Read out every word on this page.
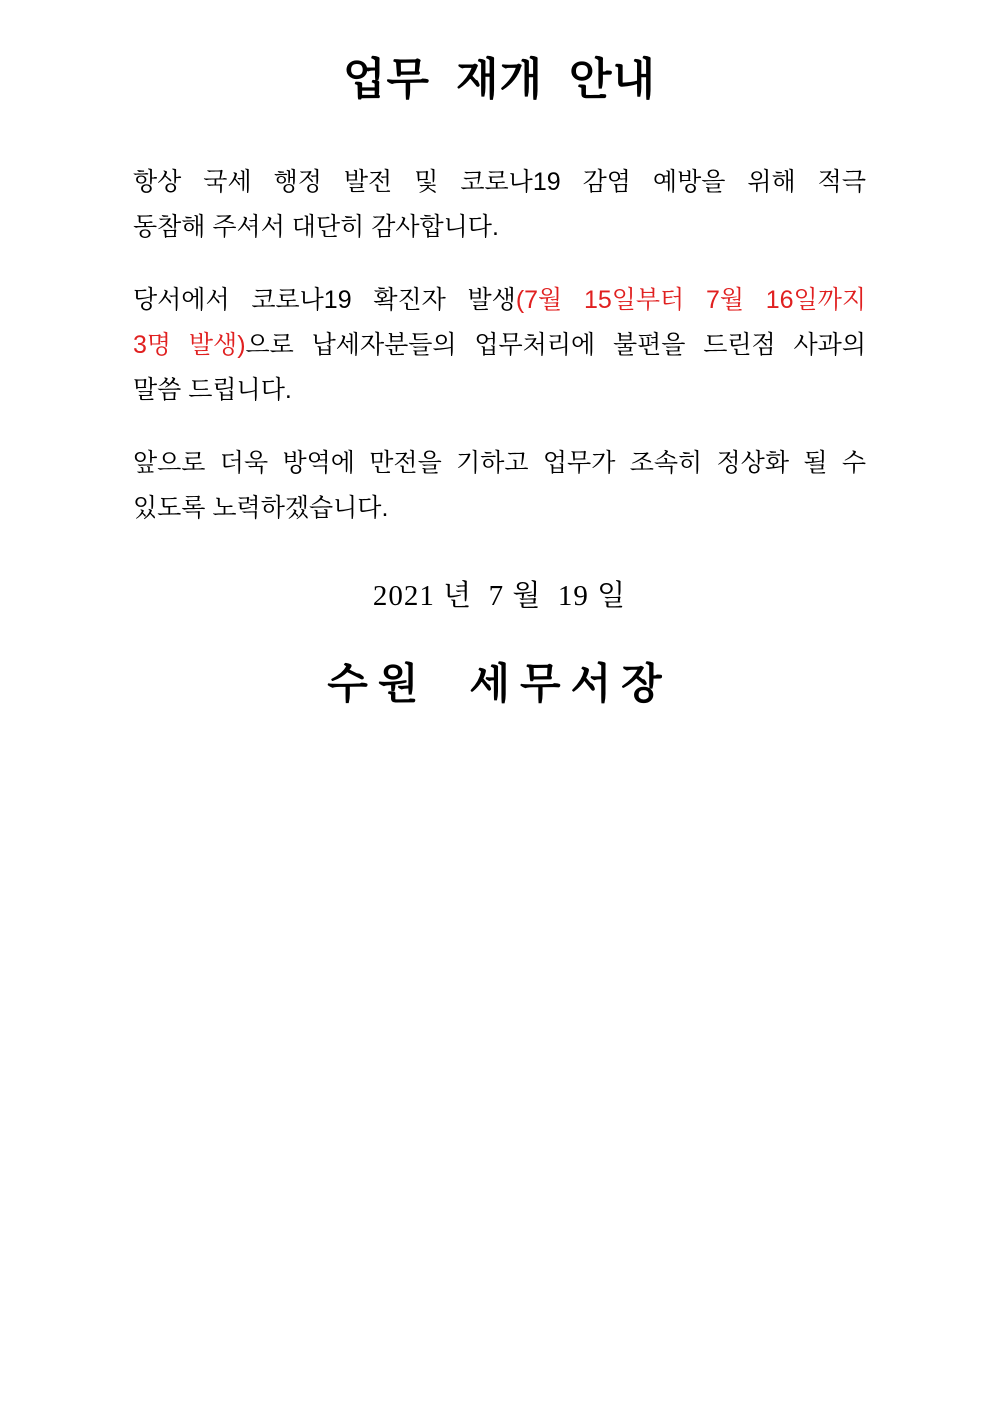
업무 재개 안내
항상 국세 행정 발전 및 코로나19 감염 예방을 위해 적극
동참해 주셔서 대단히 감사합니다.
당서에서 코로나19 확진자 발생(7월 15일부터 7월 16일까지
3명 발생)으로 납세자분들의 업무처리에 불편을 드린점 사과의
말씀 드립니다.
앞으로 더욱 방역에 만전을 기하고 업무가 조속히 정상화 될 수
있도록 노력하겠습니다.
2021 년  7 월  19 일
수원  세무서장
